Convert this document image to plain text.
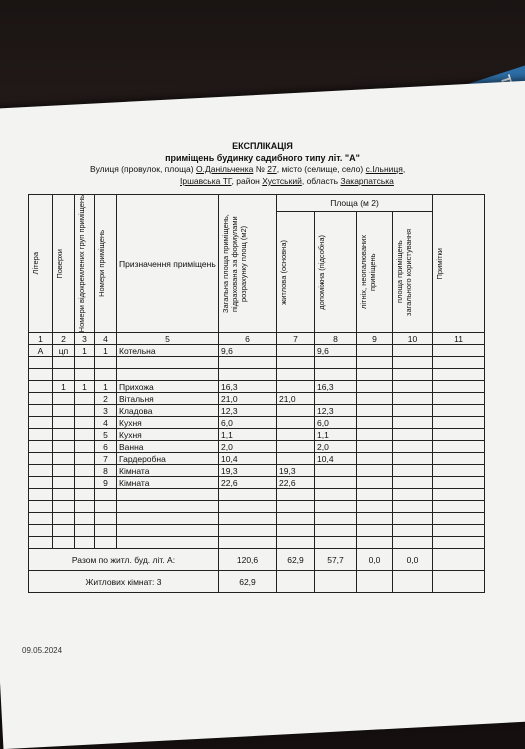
ЕКСПЛІКАЦІЯ
приміщень будинку садибного типу літ. "А"
Вулиця (провулок, площа) О.Данільченка № 27, місто (селище, село) с.Ільниця,
Іршавська ТГ, район Хустський, область Закарпатська
Літера	Поверхи	Номери відокремлених груп приміщень	Номери приміщень	Призначення приміщень	Загальна площа приміщень, підрахована за формулами розрахунку площ (м2)	Площа (м 2)				Примітки

						житлова (основна)	допоміжна (підсобна)	літніх, неопалюваних приміщень	площа приміщень загального користування	

1	2	3	4	5	6	7	8	9	10	11
А	цп	1	1	Котельна	9,6		9,6			

	1	1	1	Прихожа	16,3		16,3			
			2	Вітальня	21,0	21,0				
			3	Кладова	12,3		12,3			
			4	Кухня	6,0		6,0			
			5	Кухня	1,1		1,1			
			6	Ванна	2,0		2,0			
			7	Гардеробна	10,4		10,4			
			8	Кімната	19,3	19,3				
			9	Кімната	22,6	22,6				

Разом по житл. буд. літ. А:					120,6	62,9	57,7	0,0	0,0	
Житлових кімнат: 3					62,9					
09.05.2024
